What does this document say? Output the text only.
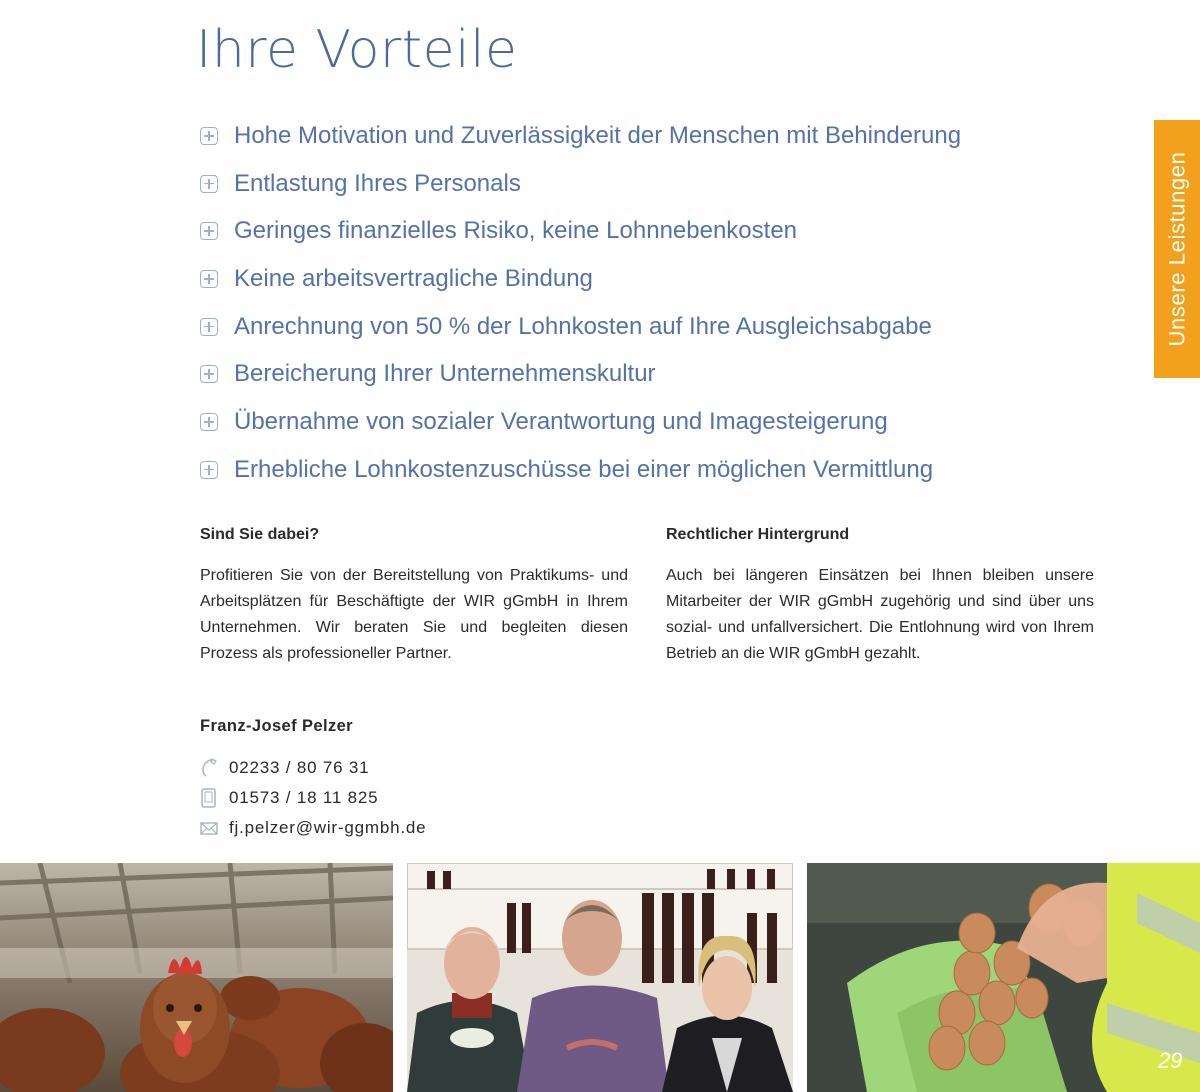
Ihre Vorteile
Hohe Motivation und Zuverlässigkeit der Menschen mit Behinderung
Entlastung Ihres Personals
Geringes finanzielles Risiko, keine Lohnnebenkosten
Keine arbeitsvertragliche Bindung
Anrechnung von 50 % der Lohnkosten auf Ihre Ausgleichsabgabe
Bereicherung Ihrer Unternehmenskultur
Übernahme von sozialer Verantwortung und Imagesteigerung
Erhebliche Lohnkostenzuschüsse bei einer möglichen Vermittlung
Unsere Leistungen
Sind Sie dabei?

Profitieren Sie von der Bereitstellung von Praktikums- und Arbeitsplätzen für Beschäftigte der WIR gGmbH in Ihrem Unternehmen. Wir beraten Sie und begleiten diesen Prozess als professioneller Partner.

Rechtlicher Hintergrund

Auch bei längeren Einsätzen bei Ihnen bleiben unsere Mitarbeiter der WIR gGmbH zugehörig und sind über uns sozial- und unfallversichert. Die Entlohnung wird von Ihrem Betrieb an die WIR gGmbH gezahlt.

Franz-Josef Pelzer
02233 / 80 76 31
01573 / 18 11 825
fj.pelzer@wir-ggmbh.de
29
